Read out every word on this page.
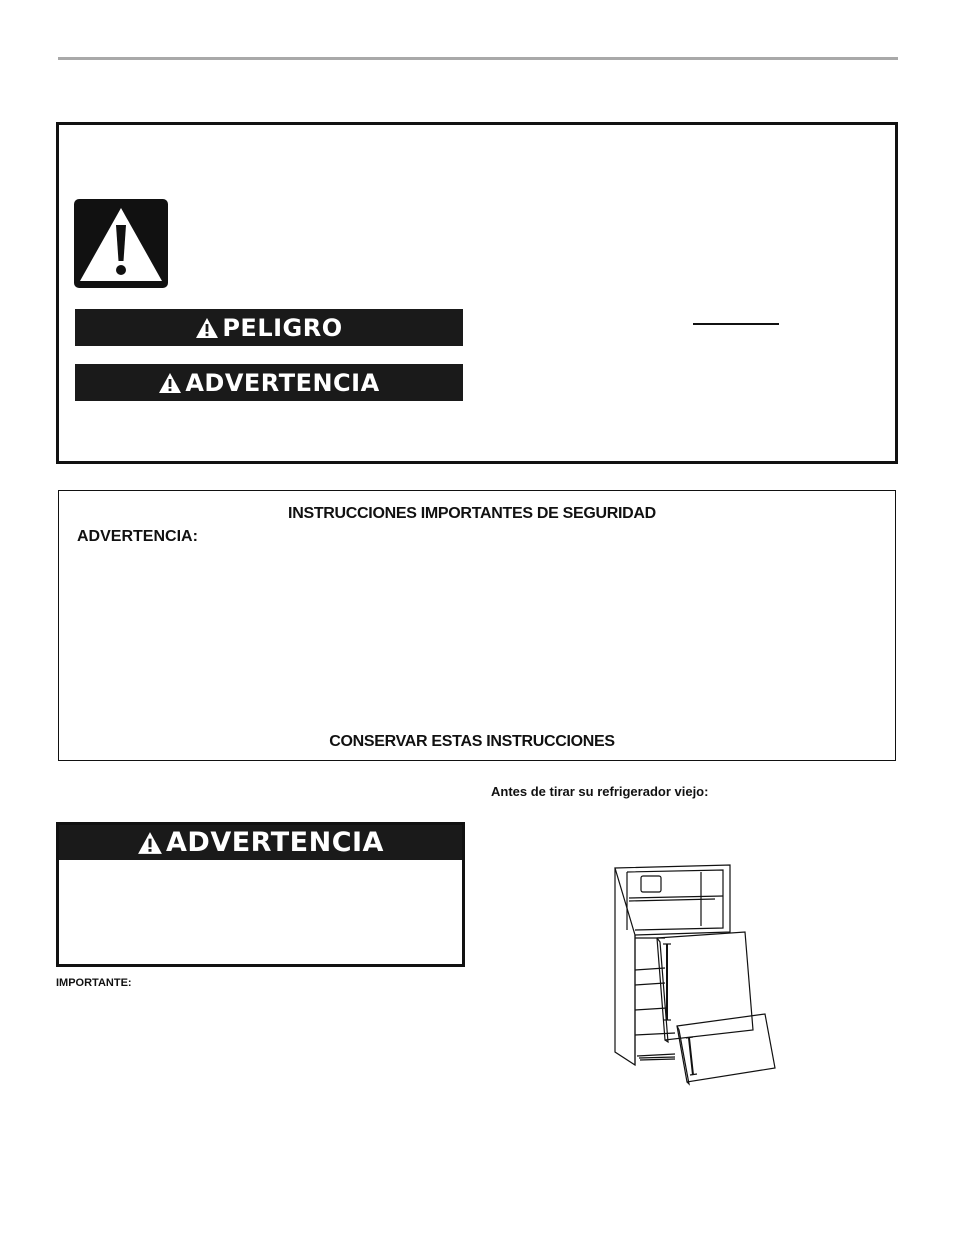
PELIGRO
ADVERTENCIA
INSTRUCCIONES IMPORTANTES DE SEGURIDAD
ADVERTENCIA:
CONSERVAR ESTAS INSTRUCCIONES
Antes de tirar su refrigerador viejo:
ADVERTENCIA
IMPORTANTE:
